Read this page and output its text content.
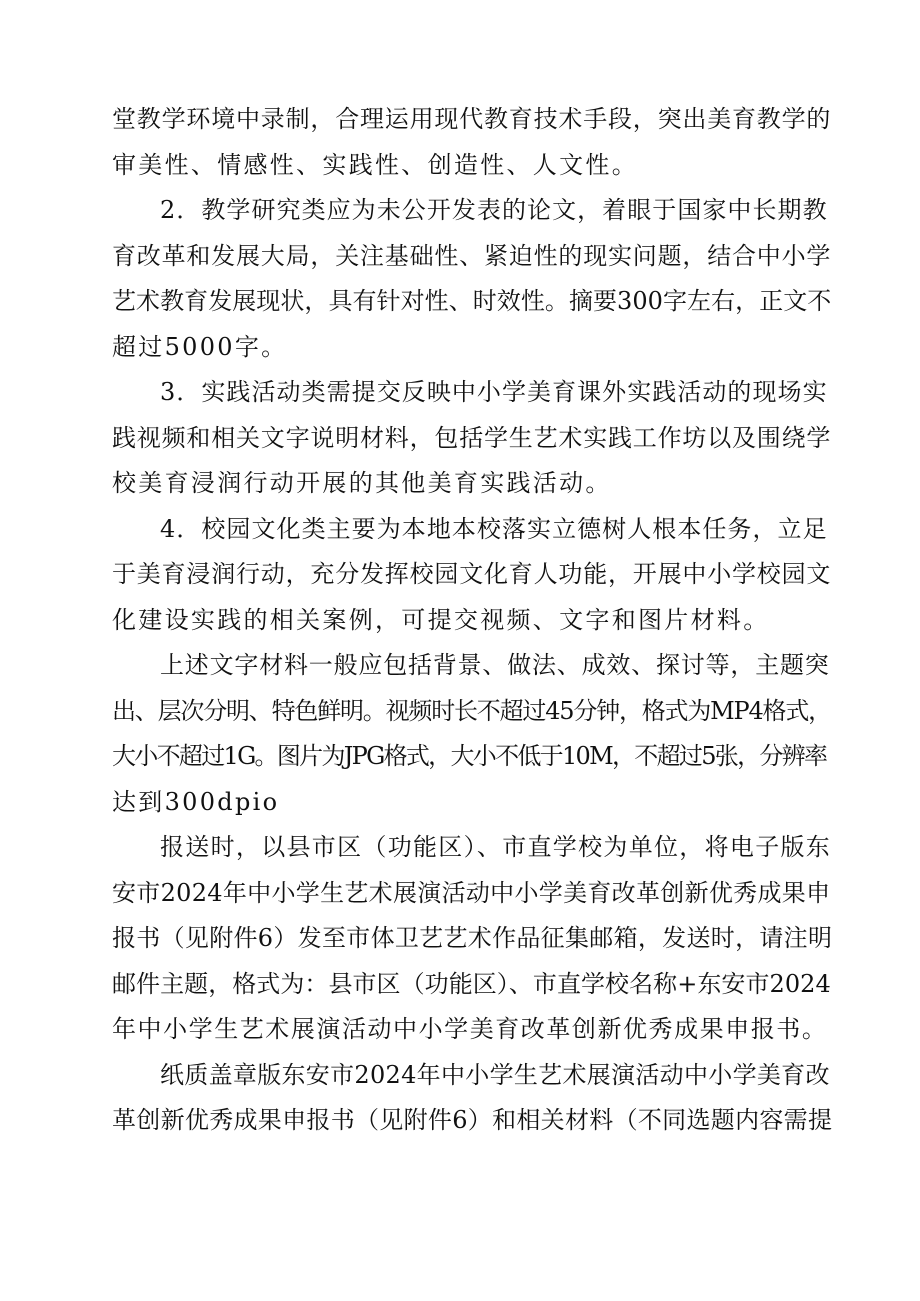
堂教学环境中录制，合理运用现代教育技术手段，突出美育教学的
审美性、情感性、实践性、创造性、人文性。
2．教学研究类应为未公开发表的论文，着眼于国家中长期教
育改革和发展大局，关注基础性、紧迫性的现实问题，结合中小学
艺术教育发展现状，具有针对性、时效性。摘要300字左右，正文不
超过5000字。
3．实践活动类需提交反映中小学美育课外实践活动的现场实
践视频和相关文字说明材料，包括学生艺术实践工作坊以及围绕学
校美育浸润行动开展的其他美育实践活动。
4．校园文化类主要为本地本校落实立德树人根本任务，立足
于美育浸润行动，充分发挥校园文化育人功能，开展中小学校园文
化建设实践的相关案例，可提交视频、文字和图片材料。
上述文字材料一般应包括背景、做法、成效、探讨等，主题突
出、层次分明、特色鲜明。视频时长不超过45分钟，格式为MP4格式，
大小不超过1G。图片为JPG格式，大小不低于10M，不超过5张，分辨率
达到300dpio
报送时，以县市区（功能区）、市直学校为单位，将电子版东
安市2024年中小学生艺术展演活动中小学美育改革创新优秀成果申
报书（见附件6）发至市体卫艺艺术作品征集邮箱，发送时，请注明
邮件主题，格式为：县市区（功能区）、市直学校名称+东安市2024
年中小学生艺术展演活动中小学美育改革创新优秀成果申报书。
纸质盖章版东安市2024年中小学生艺术展演活动中小学美育改
革创新优秀成果申报书（见附件6）和相关材料（不同选题内容需提
